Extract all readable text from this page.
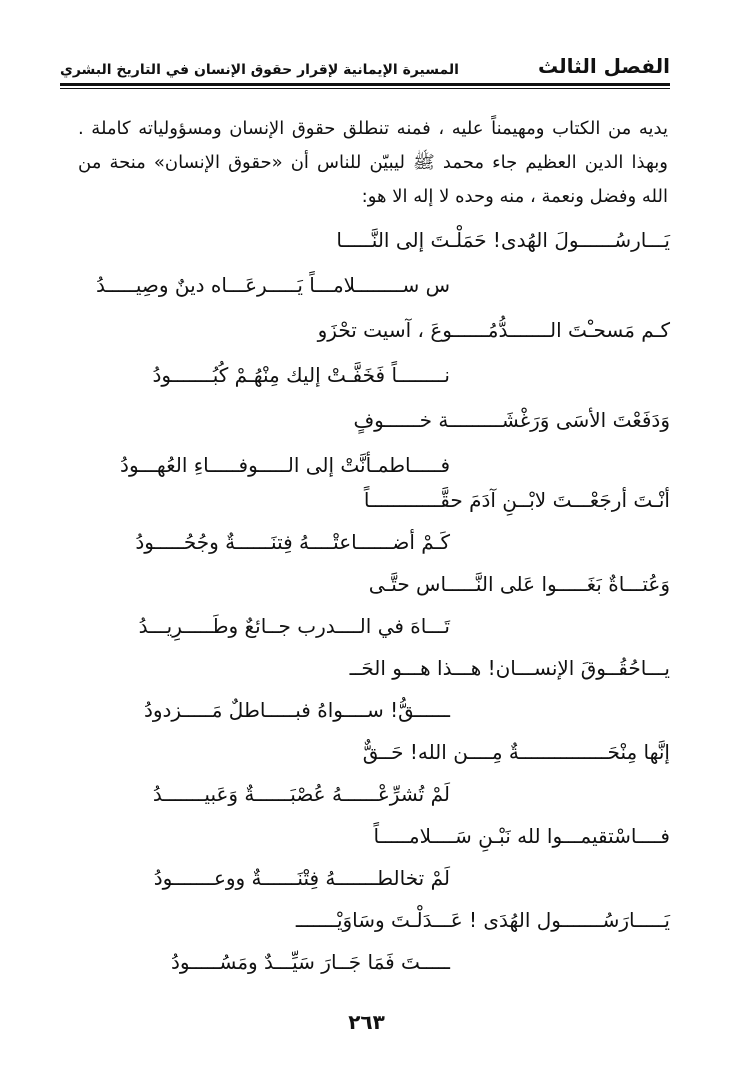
الفصل الثالث
المسيرة الإيمانية لإقرار حقوق الإنسان في التاريخ البشري
يديه من الكتاب ومهيمناً عليه ، فمنه تنطلق حقوق الإنسان ومسؤولياته كاملة . وبهذا الدين العظيم جاء محمد ﷺ ليبيّن للناس أن «حقوق الإنسان» منحة من الله وفضل ونعمة ، منه وحده لا إله الا هو:
يَـــارسُــــــولَ الهُدى! حَمَلْـتَ إلى النَّـــــا
س ســــــــلامـــاً يَـــــرعَـــاه دينٌ وصِيـــــدُ
كـم مَسحـْتَ الـــــــدُّمُــــــوعَ ، آسيت تحْزَو
نــــــــاً فَخَفَّـتْ إليك مِنْهُـمْ كُبُـــــــودُ
وَدَفَعْتَ الأسَى وَرَغْشَـــــــــة خــــــوفٍ
فـــــاطمـأنَّتْ إلى الـــــوفـــــاءِ العُهـــودُ
أنْـتَ أرجَعْـــتَ لابْــنِ آدَمَ حقَّــــــــــــاً
كَـمْ أضــــــاعتْــــهُ فِتنَــــــةٌ وجُحُـــــودُ
وَعُتـــاةٌ بَغَـــــوا عَلى النَّـــــاس حتَّـى
تَـــاهَ في الــــدرب جــائعٌ وطَـــــرِيـــدُ
يـــاحُقُــوقَ الإنســـان! هـــذا هـــو الحَــ
ــــــقُّ! ســــواهُ فبـــــاطلٌ مَـــــزدودُ
إنَّها مِنْحَـــــــــــــــةٌ مِــــن الله! حَــقٌّ
لَمْ تُشرِّعْــــــهُ عُصْبَــــــةٌ وَعَبيـــــــدُ
فــــاسْتقيمـــوا لله نَبْـنِ سَــــلامـــــاً
لَمْ تخالطـــــــهُ فِتْنَــــــةٌ ووعـــــــودُ
يَـــــارَسُـــــــول الهُدَى ! عَـــدَلْـتَ وسَاوَيْـــــــ
ـــــتَ فَمَا جَــارَ سَيِّـــدٌ ومَسُـــــودُ
٢٦٣
